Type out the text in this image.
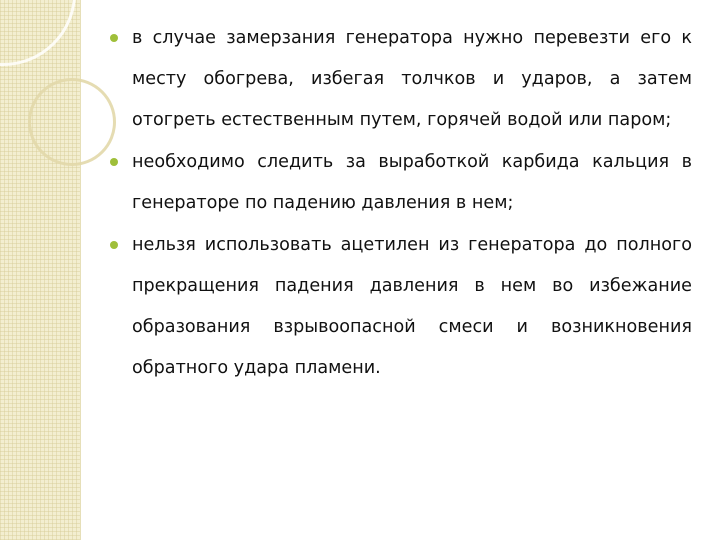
в случае замерзания генератора нужно перевезти его к месту обогрева, избегая толчков и ударов, а затем отогреть естественным путем, горячей водой или паром;

необходимо следить за выработкой карбида кальция в генераторе по падению давления в нем;

нельзя использовать ацетилен из генератора до полного прекращения падения давления в нем во избежание образования взрывоопасной смеси и возникновения обратного удара пламени.
